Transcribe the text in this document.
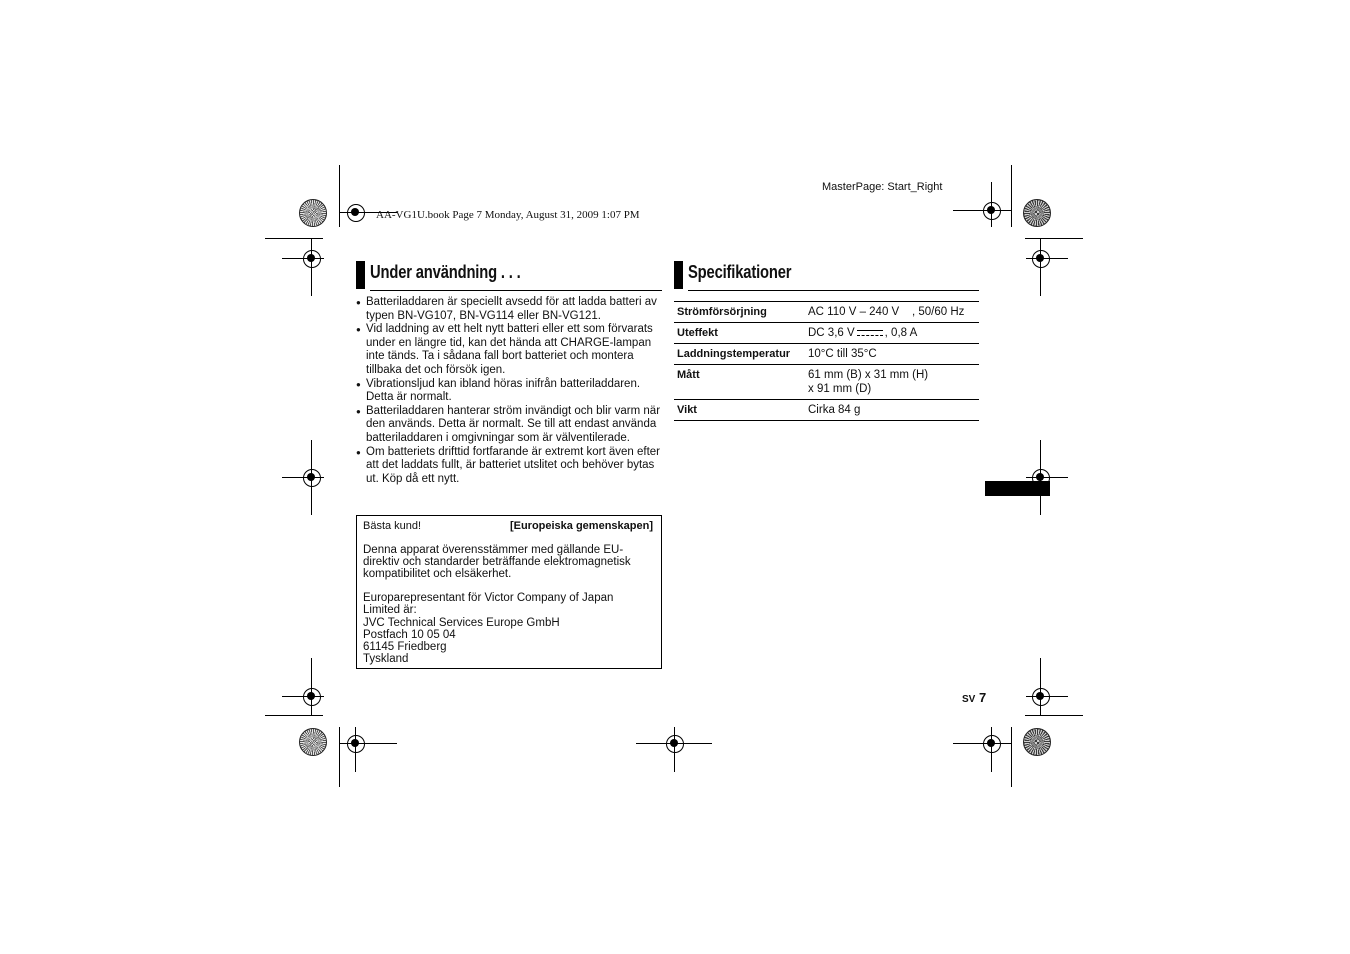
AA-VG1U.book Page 7 Monday, August 31, 2009 1:07 PM
MasterPage: Start_Right
Under användning . . .

● Batteriladdaren är speciellt avsedd för att ladda batteri av typen BN-VG107, BN-VG114 eller BN-VG121.

● Vid laddning av ett helt nytt batteri eller ett som förvarats under en längre tid, kan det hända att CHARGE-lampan inte tänds. Ta i sådana fall bort batteriet och montera tillbaka det och försök igen.

● Vibrationsljud kan ibland höras inifrån batteriladdaren. Detta är normalt.

● Batteriladdaren hanterar ström invändigt och blir varm när den används. Detta är normalt. Se till att endast använda batteriladdaren i omgivningar som är välventilerade.

● Om batteriets drifttid fortfarande är extremt kort även efter att det laddats fullt, är batteriet utslitet och behöver bytas ut. Köp då ett nytt.

Bästa kund!	[Europeiska gemenskapen]

Denna apparat överensstämmer med gällande EU-direktiv och standarder beträffande elektromagnetisk kompatibilitet och elsäkerhet.

Europarepresentant för Victor Company of Japan Limited är:
JVC Technical Services Europe GmbH
Postfach 10 05 04
61145 Friedberg
Tyskland
Specifikationer
Strömförsörjning	AC 110 V – 240 V    , 50/60 Hz
Uteffekt	DC 3,6 V , 0,8 A
Laddningstemperatur	10°C till 35°C
Mått	61 mm (B) x 31 mm (H)
x 91 mm (D)

Vikt	Cirka 84 g
SV 7
